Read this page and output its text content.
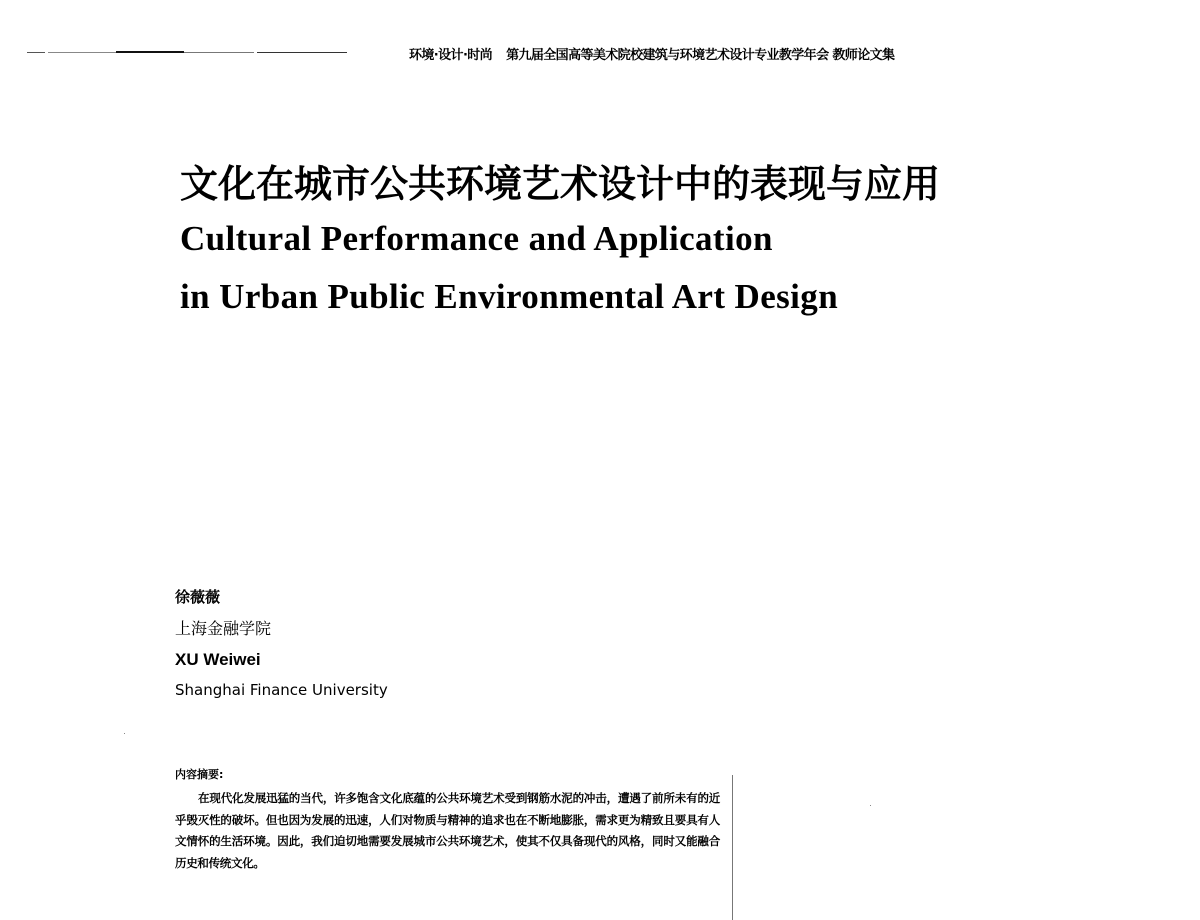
环境·设计·时尚 第九届全国高等美术院校建筑与环境艺术设计专业教学年会 教师论文集
文化在城市公共环境艺术设计中的表现与应用
Cultural Performance and Application
in Urban Public Environmental Art Design
徐薇薇
上海金融学院
XU Weiwei
Shanghai Finance University
内容摘要:
在现代化发展迅猛的当代，许多饱含文化底蕴的公共环境艺术受到钢筋水泥的冲击，遭遇了前所未有的近乎毁灭性的破坏。但也因为发展的迅速，人们对物质与精神的追求也在不断地膨胀，需求更为精致且要具有人文情怀的生活环境。因此，我们迫切地需要发展城市公共环境艺术，使其不仅具备现代的风格，同时又能融合历史和传统文化。
